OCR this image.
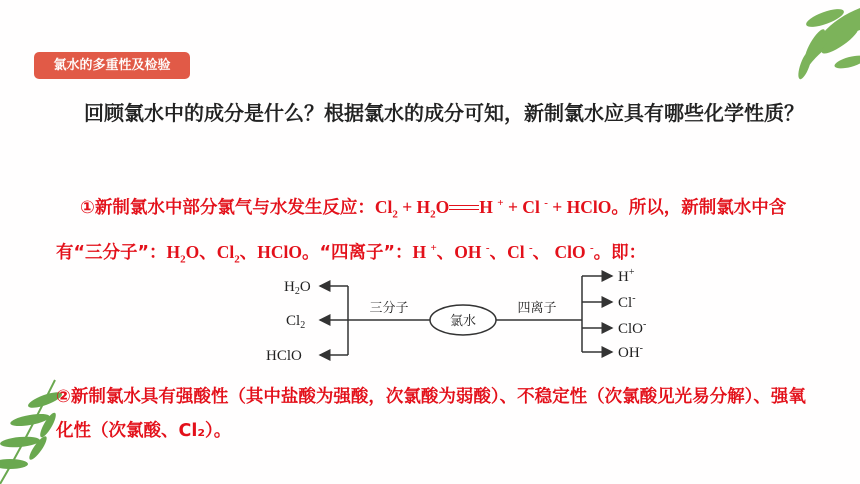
氯水的多重性及检验
回顾氯水中的成分是什么？根据氯水的成分可知，新制氯水应具有哪些化学性质？
①新制氯水中部分氯气与水发生反应：$Cl_2 + H_2O$ H + + Cl - + HClO。所以，新制氯水中含有“三分子”：$H_2O$、$Cl_2$、HClO。“四离子”：H +、OH -、Cl -、 ClO -。即：
氯水
三分子	四离子
$H_2O$
$Cl_2$
HClO
H+
Cl-
ClO-
OH-
②新制氯水具有强酸性（其中盐酸为强酸，次氯酸为弱酸）、不稳定性（次氯酸见光易分解）、强氧化性（次氯酸、Cl₂）。
